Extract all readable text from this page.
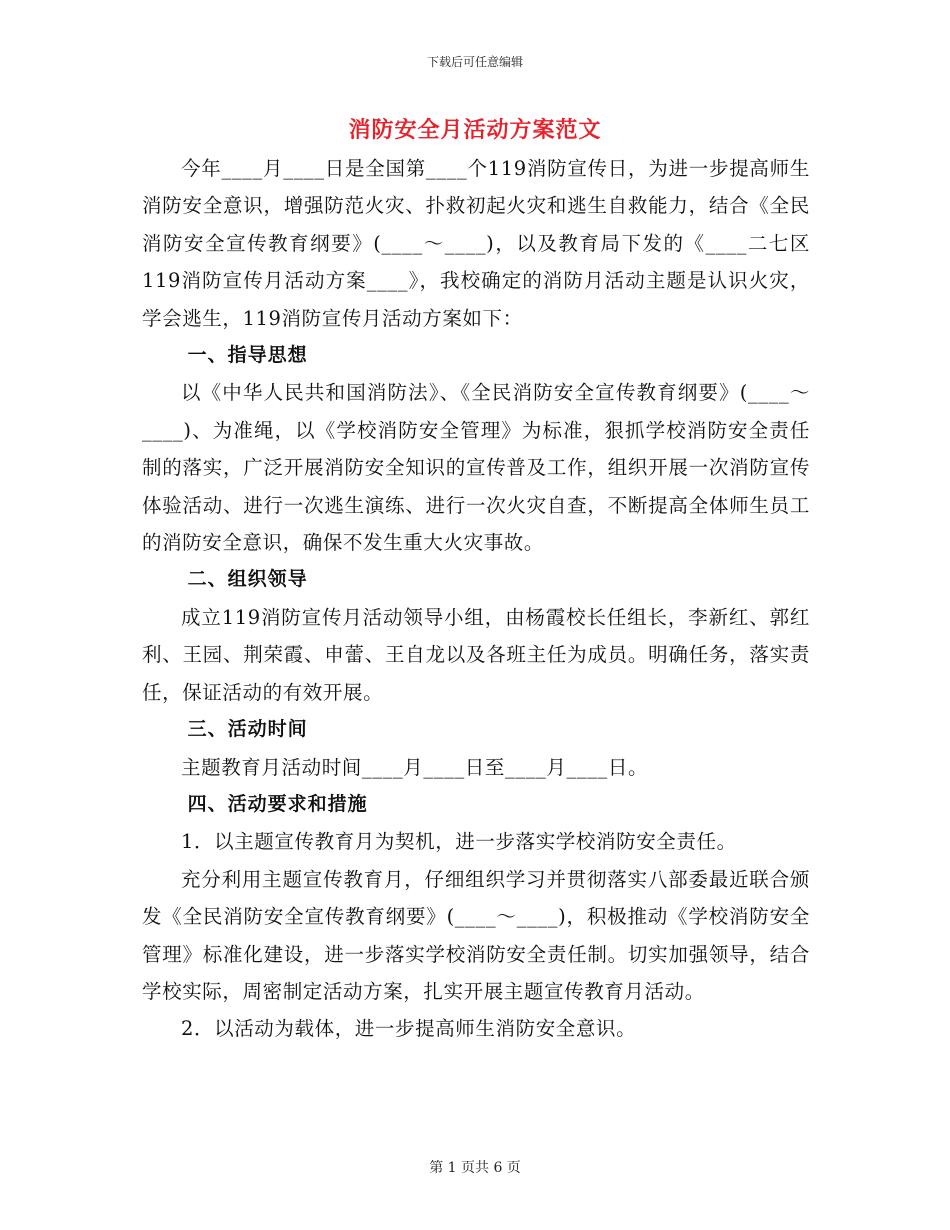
下载后可任意编辑
消防安全月活动方案范文

今年____月____日是全国第____个119消防宣传日，为进一步提高师生消防安全意识，增强防范火灾、扑救初起火灾和逃生自救能力，结合《全民消防安全宣传教育纲要》(____～____)，以及教育局下发的《____二七区119消防宣传月活动方案____》，我校确定的消防月活动主题是认识火灾，学会逃生，119消防宣传月活动方案如下：

一、指导思想

以《中华人民共和国消防法》、《全民消防安全宣传教育纲要》(____～____)、为准绳，以《学校消防安全管理》为标准，狠抓学校消防安全责任制的落实，广泛开展消防安全知识的宣传普及工作，组织开展一次消防宣传体验活动、进行一次逃生演练、进行一次火灾自查，不断提高全体师生员工的消防安全意识，确保不发生重大火灾事故。

二、组织领导

成立119消防宣传月活动领导小组，由杨霞校长任组长，李新红、郭红利、王园、荆荣霞、申蕾、王自龙以及各班主任为成员。明确任务，落实责任，保证活动的有效开展。

三、活动时间

主题教育月活动时间____月____日至____月____日。

四、活动要求和措施

1．以主题宣传教育月为契机，进一步落实学校消防安全责任。

充分利用主题宣传教育月，仔细组织学习并贯彻落实八部委最近联合颁发《全民消防安全宣传教育纲要》(____～____)，积极推动《学校消防安全管理》标准化建设，进一步落实学校消防安全责任制。切实加强领导，结合学校实际，周密制定活动方案，扎实开展主题宣传教育月活动。

2．以活动为载体，进一步提高师生消防安全意识。

第 1 页共 6 页
